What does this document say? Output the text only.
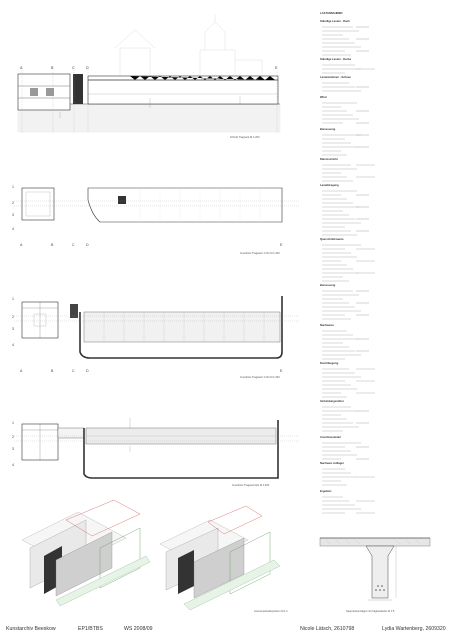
A	B	C	D	E
Schnitt Tragwerk M 1:200
1
2
3
4
A	B	C	D	E
Grundriss Tragwerk 1.OG M 1:200
1
2
3
4
A	B	C	D	E
Grundriss Tragwerk 1.OG M 1:200
1
2
3
4
Grundriss Tragwerk EG M 1:200
Axonometrie/Explosion M 1:1	Spannbetonträger mit Filigrandecke M 1:5
LASTANNAHMEN
Ständige Lasten - Dach
Ständige Lasten - Decke
Lastannahmen - Schnee
Wind
Bemessung
Dämmschicht
Lastabtragung
Querschnittswerte
Bemessung
Nachweise
Durchbiegung
Verbindungsmittel
Anschlussdetail
Nachweis Auflager
Ergebnis
Kunstarchiv Beeskow	EP1/BTBS	WS 2008/09	Nicole Lätsch, 2610798	Lydia Wartenberg, 2609320
